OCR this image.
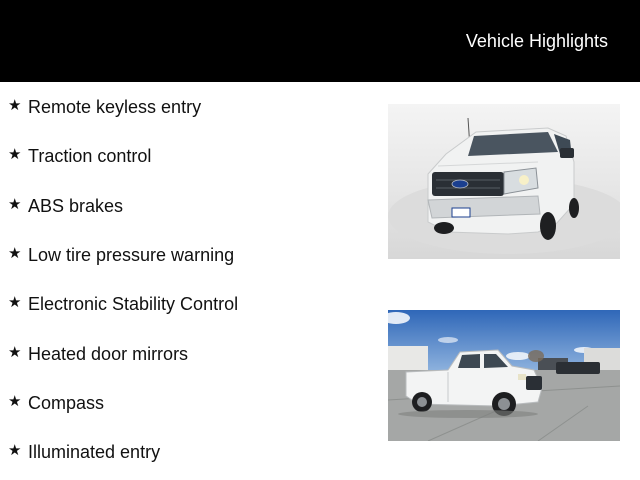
Vehicle Highlights
★ Remote keyless entry
★ Traction control
★ ABS brakes
★ Low tire pressure warning
★ Electronic Stability Control
★ Heated door mirrors
★ Compass
★ Illuminated entry
